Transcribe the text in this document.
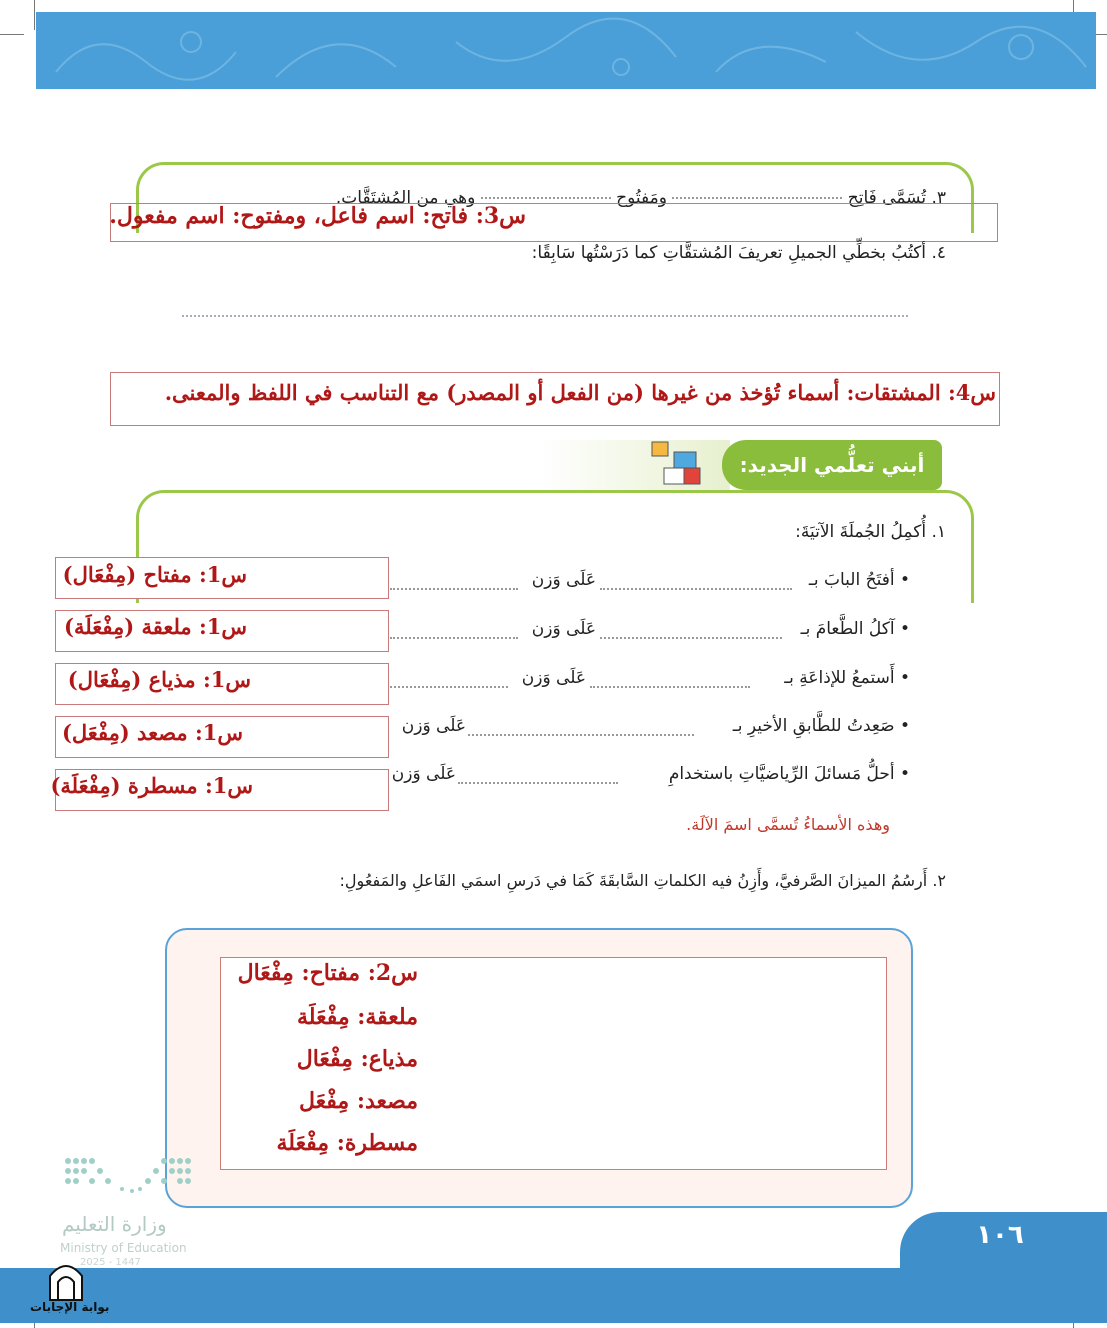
٣. تُسَمَّى فَاتِح  ومَفتُوح  وهي من المُشتَقَّات.
س3: فاتح: اسم فاعل، ومفتوح: اسم مفعول.
٤. أكتُبُ بخطِّي الجميلِ تعريفَ المُشتقَّاتِ كما دَرَسْتُها سَابِقًا:
س4: المشتقات: أسماء تُؤخذ من غيرها (من الفعل أو المصدر) مع التناسب في اللفظ والمعنى.
أبني تعلُّمي الجديد:
١. أُكمِلُ الجُملَةَ الآتيَةَ:
• أفتَحُ البابَ بـ
عَلَى وَزن
س1: مفتاح (مِفْعَال)
• آكلُ الطَّعامَ بـ
عَلَى وَزن
س1: ملعقة (مِفْعَلَة)
• أَستمعُ للإذاعَةِ بـ
عَلَى وَزن
س1: مذياع (مِفْعَال)
• صَعِدتُ للطَّابقِ الأخيرِ بـ
عَلَى وَزن
س1: مصعد (مِفْعَل)
• أحلُّ مَسائلَ الرِّياضيَّاتِ باستخدامِ
عَلَى وَزن
س1: مسطرة (مِفْعَلَة)
وهذه الأسماءُ تُسمَّى اسمَ الآلَة.
٢. أَرسُمُ الميزانَ الصَّرفيَّ، وأَزِنُ فيه الكلماتِ السَّابقَةَ كَمَا في دَرسِ اسمَي الفَاعلِ والمَفعُولِ:
س2: مفتاح: مِفْعَال
ملعقة: مِفْعَلَة
مذياع: مِفْعَال
مصعد: مِفْعَل
مسطرة: مِفْعَلَة
وزارة التعليم
Ministry of Education
2025 - 1447
١٠٦
بوابة الإجابات
